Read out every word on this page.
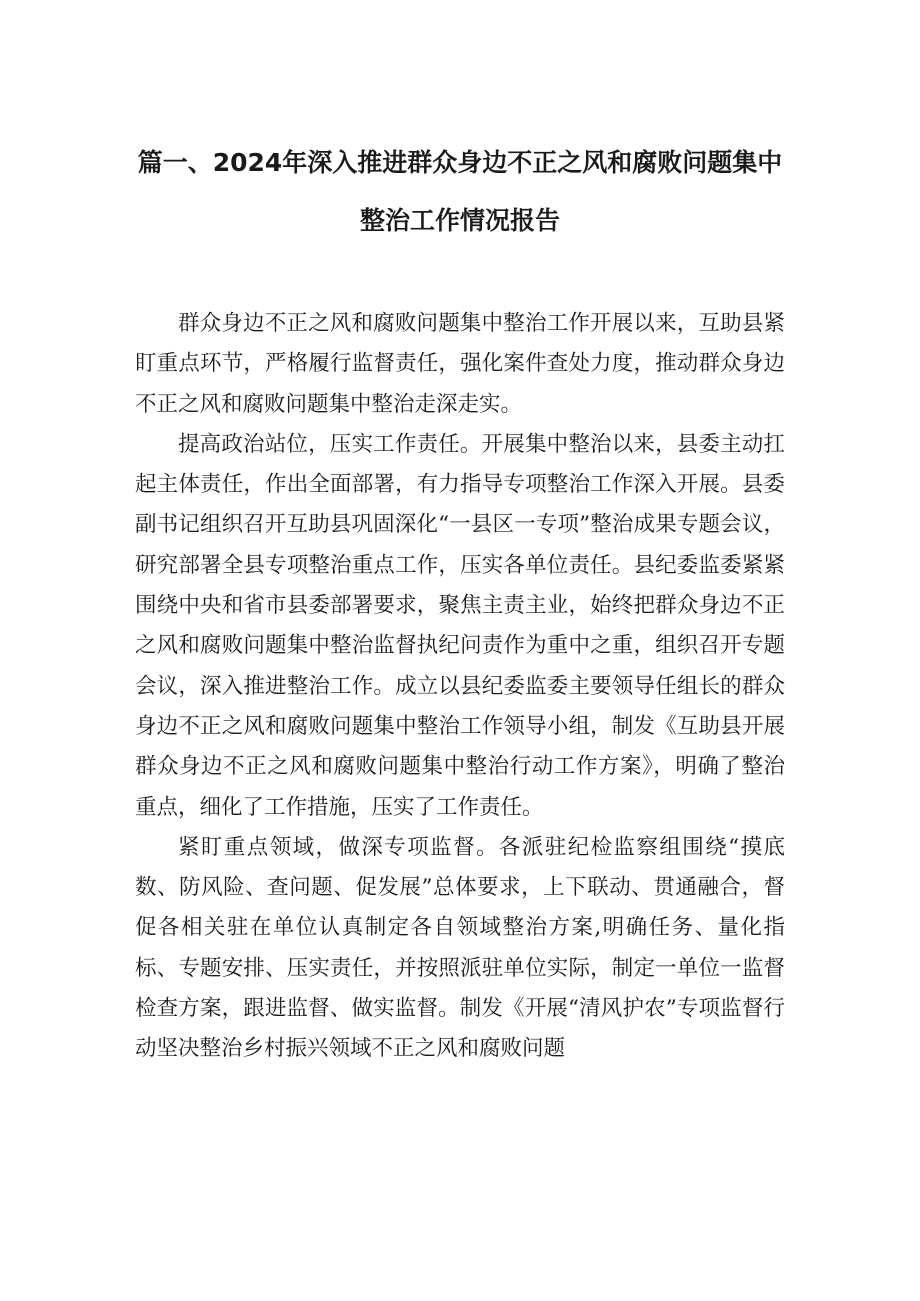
篇一、2024年深入推进群众身边不正之风和腐败问题集中
整治工作情况报告

群众身边不正之风和腐败问题集中整治工作开展以来，互助县紧盯重点环节，严格履行监督责任，强化案件查处力度，推动群众身边不正之风和腐败问题集中整治走深走实。

提高政治站位，压实工作责任。开展集中整治以来，县委主动扛起主体责任，作出全面部署，有力指导专项整治工作深入开展。县委副书记组织召开互助县巩固深化“一县区一专项”整治成果专题会议，研究部署全县专项整治重点工作，压实各单位责任。县纪委监委紧紧围绕中央和省市县委部署要求，聚焦主责主业，始终把群众身边不正之风和腐败问题集中整治监督执纪问责作为重中之重，组织召开专题会议，深入推进整治工作。成立以县纪委监委主要领导任组长的群众身边不正之风和腐败问题集中整治工作领导小组，制发《互助县开展群众身边不正之风和腐败问题集中整治行动工作方案》，明确了整治重点，细化了工作措施，压实了工作责任。

紧盯重点领域，做深专项监督。各派驻纪检监察组围绕“摸底数、防风险、查问题、促发展”总体要求，上下联动、贯通融合，督促各相关驻在单位认真制定各自领域整治方案,明确任务、量化指标、专题安排、压实责任，并按照派驻单位实际，制定一单位一监督检查方案，跟进监督、做实监督。制发《开展“清风护农”专项监督行动坚决整治乡村振兴领域不正之风和腐败问题
